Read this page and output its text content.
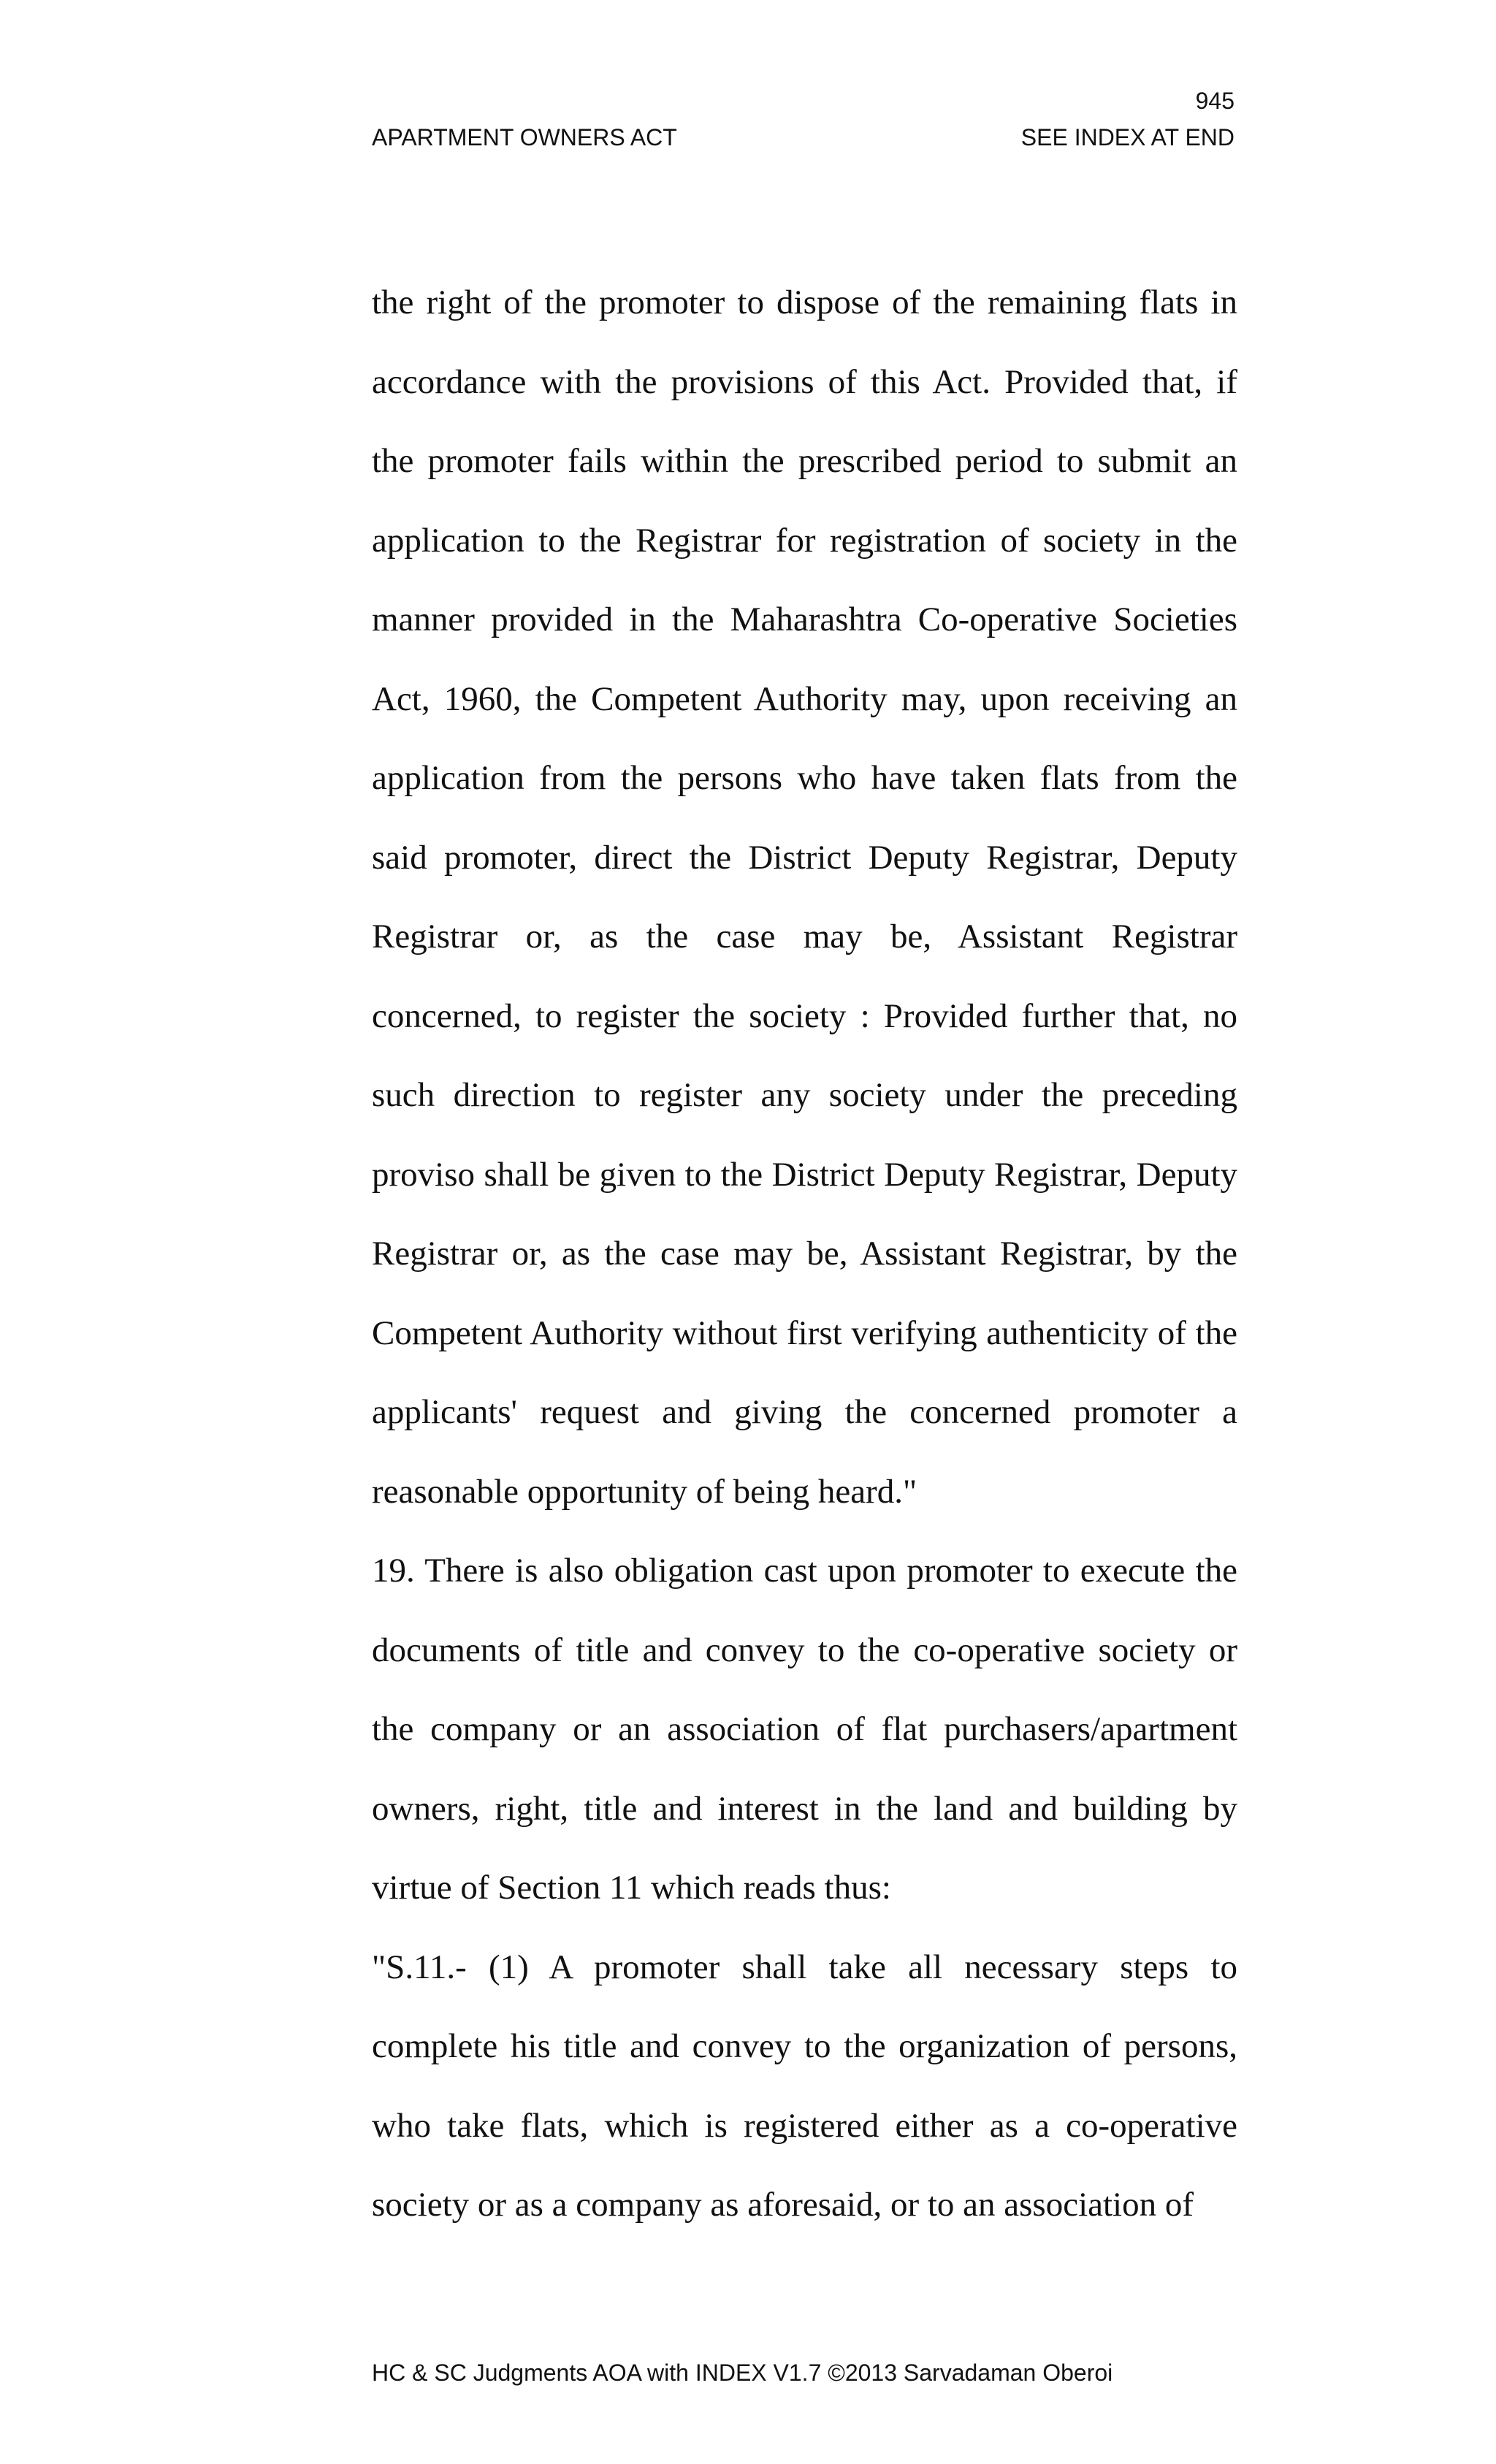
945
APARTMENT OWNERS ACT	SEE INDEX AT END

the right of the promoter to dispose of the remaining flats in accordance with the provisions of this Act. Provided that, if the promoter fails within the prescribed period to submit an application to the Registrar for registration of society in the manner provided in the Maharashtra Co-operative Societies Act, 1960, the Competent Authority may, upon receiving an application from the persons who have taken flats from the said promoter, direct the District Deputy Registrar, Deputy Registrar or, as the case may be, Assistant Registrar concerned, to register the society : Provided further that, no such direction to register any society under the preceding proviso shall be given to the District Deputy Registrar, Deputy Registrar or, as the case may be, Assistant Registrar, by the Competent Authority without first verifying authenticity of the applicants' request and giving the concerned promoter a reasonable opportunity of being heard."

19. There is also obligation cast upon promoter to execute the documents of title and convey to the co-operative society or the company or an association of flat purchasers/apartment owners, right, title and interest in the land and building by virtue of Section 11 which reads thus:

"S.11.- (1) A promoter shall take all necessary steps to complete his title and convey to the organization of persons, who take flats, which is registered either as a co-operative society or as a company as aforesaid, or to an association of

HC & SC Judgments AOA with INDEX V1.7 ©2013 Sarvadaman Oberoi
